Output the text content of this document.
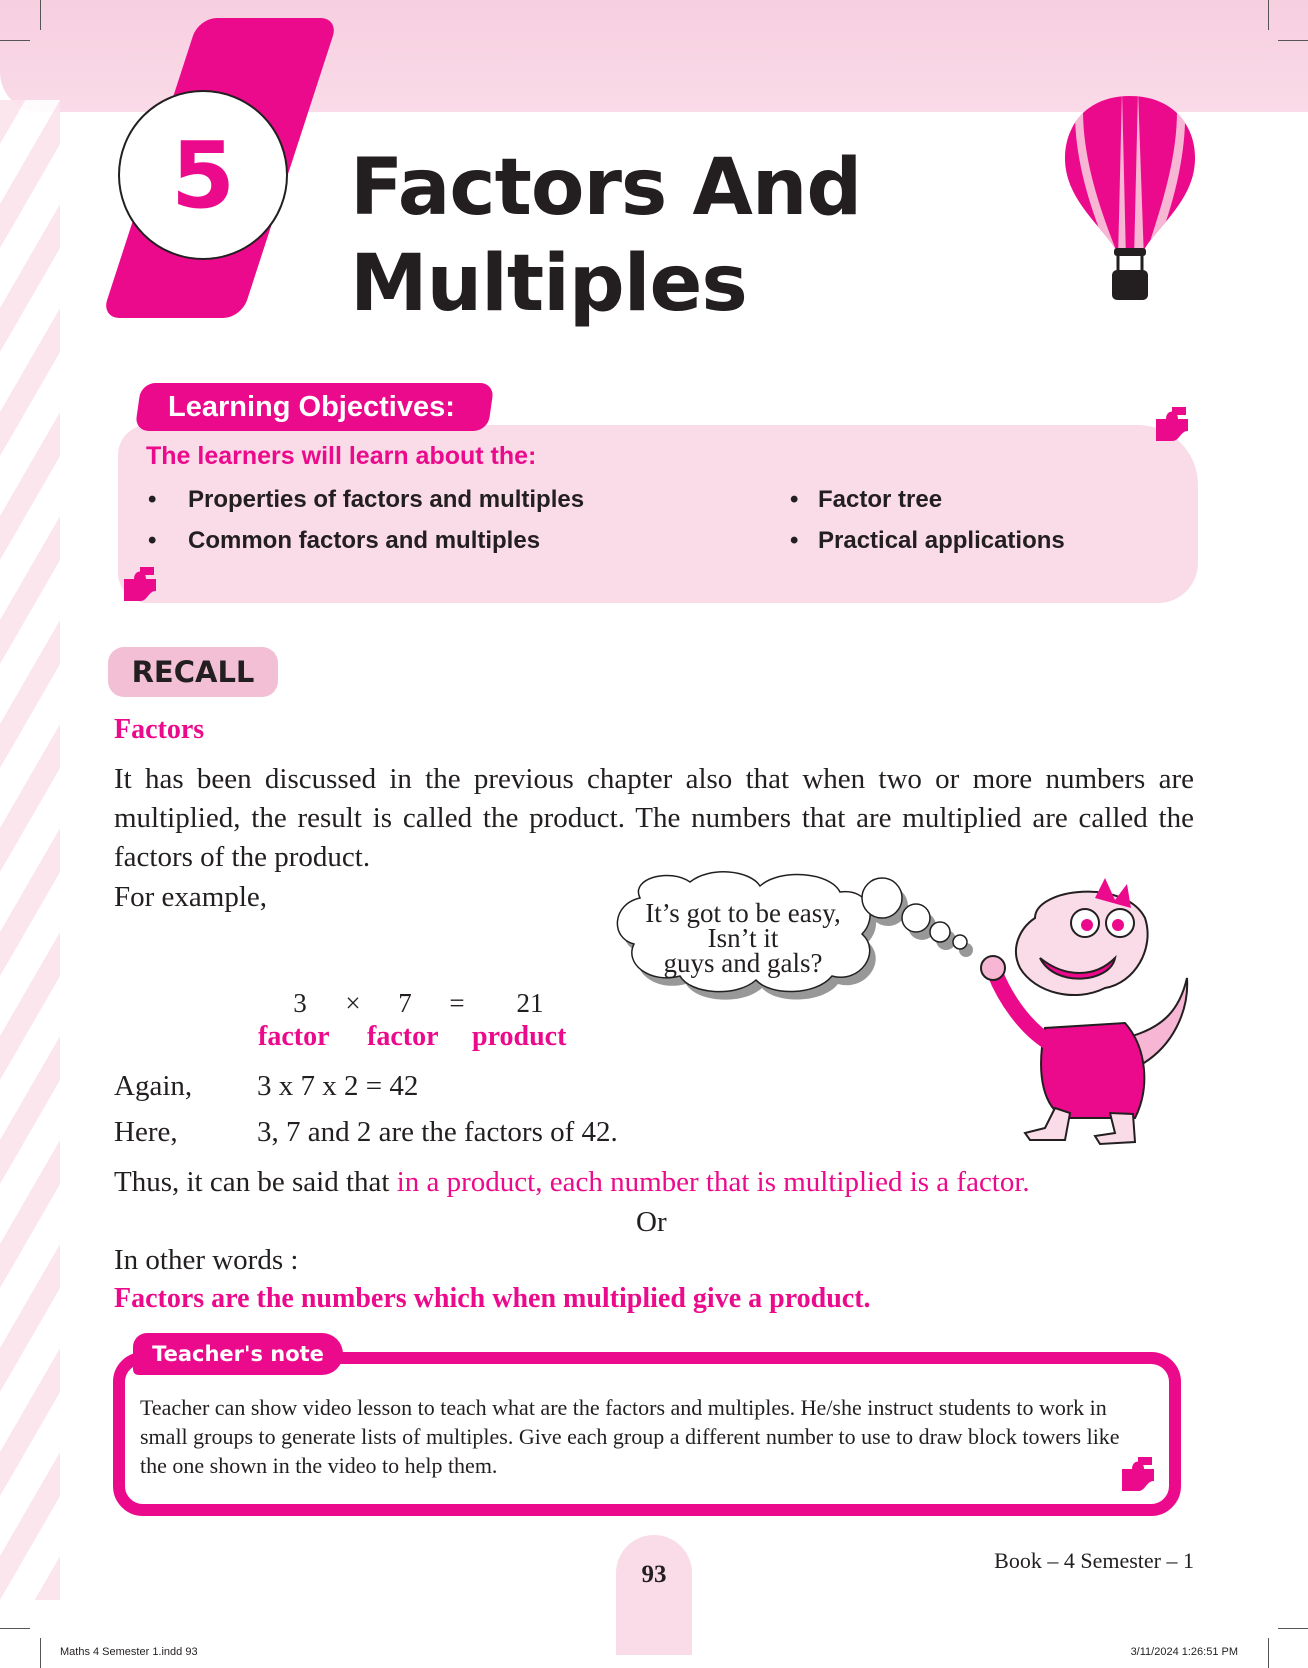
5	Factors And Multiples
Learning Objectives:
The learners will learn about the:
• Properties of factors and multiples
• Common factors and multiples
• Factor tree
• Practical applications
RECALL
Factors
It has been discussed in the previous chapter also that when two or more numbers are multiplied, the result is called the product. The numbers that are multiplied are called the factors of the product.
For example,	It’s got to be easy,
Isn’t it
guys and gals?
3	×	7	=	21
factor factor product
Again, 3 x 7 x 2 = 42
Here,	3, 7 and 2 are the factors of 42.
Thus, it can be said that in a product, each number that is multiplied is a factor.
Or
In other words :
Factors are the numbers which when multiplied give a product.
Teacher's note
Teacher can show video lesson to teach what are the factors and multiples. He/she instruct students to work in small groups to generate lists of multiples. Give each group a different number to use to draw block towers like the one shown in the video to help them.
93
Book – 4 Semester – 1
Maths 4 Semester 1.indd 93	3/11/2024 1:26:51 PM
